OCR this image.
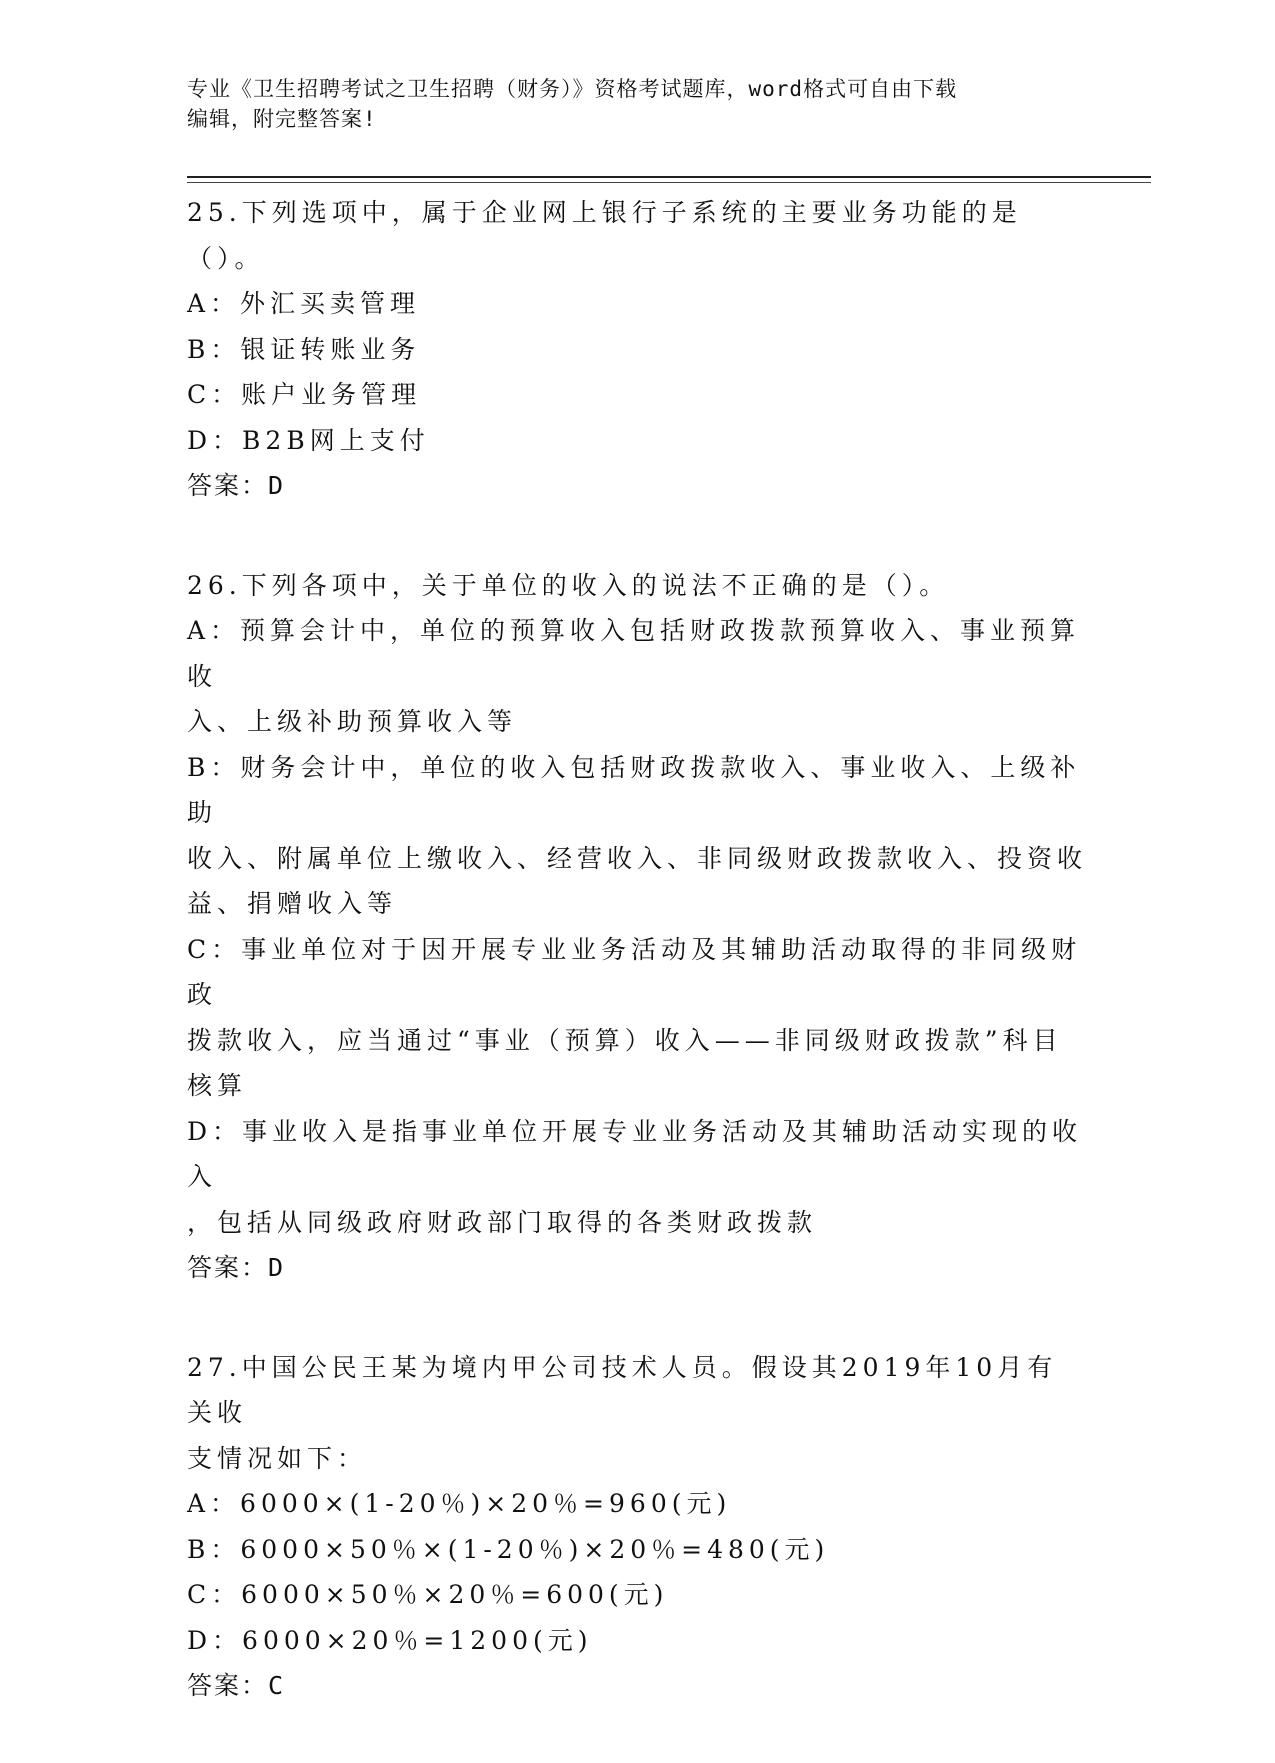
专业《卫生招聘考试之卫生招聘（财务）》资格考试题库，word格式可自由下载
编辑，附完整答案!
25.下列选项中，属于企业网上银行子系统的主要业务功能的是（）。
A：外汇买卖管理
B：银证转账业务
C：账户业务管理
D：B2B网上支付
答案：D
26.下列各项中，关于单位的收入的说法不正确的是（）。
A：预算会计中，单位的预算收入包括财政拨款预算收入、事业预算收
入、上级补助预算收入等
B：财务会计中，单位的收入包括财政拨款收入、事业收入、上级补助
收入、附属单位上缴收入、经营收入、非同级财政拨款收入、投资收
益、捐赠收入等
C：事业单位对于因开展专业业务活动及其辅助活动取得的非同级财政
拨款收入，应当通过“事业（预算）收入——非同级财政拨款”科目
核算
D：事业收入是指事业单位开展专业业务活动及其辅助活动实现的收入
，包括从同级政府财政部门取得的各类财政拨款
答案：D
27.中国公民王某为境内甲公司技术人员。假设其2019年10月有关收
支情况如下：
A：6000×(1-20％)×20％=960(元)
B：6000×50％×(1-20％)×20％=480(元)
C：6000×50％×20％=600(元)
D：6000×20％=1200(元)
答案：C
